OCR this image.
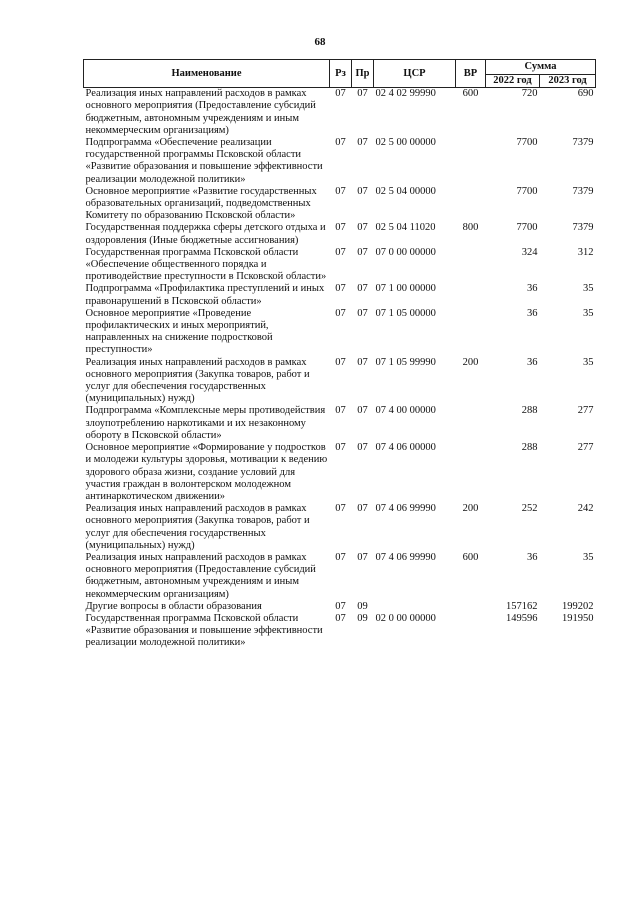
68
Наименование	Рз	Пр	ЦСР	ВР	Сумма	
					2022 год	2023 год
Реализация иных направлений расходов в рамках основного мероприятия (Предоставление субсидий бюджетным, автономным учреждениям и иным некоммерческим организациям)	07	07	02 4 02 99990	600	720	690
Подпрограмма «Обеспечение реализации государственной программы Псковской области «Развитие образования и повышение эффективности реализации молодежной политики»	07	07	02 5 00 00000		7700	7379
Основное мероприятие «Развитие государственных образовательных организаций, подведомственных Комитету по образованию Псковской области»	07	07	02 5 04 00000		7700	7379
Государственная поддержка сферы детского отдыха и оздоровления (Иные бюджетные ассигнования)	07	07	02 5 04 11020	800	7700	7379
Государственная программа Псковской области «Обеспечение общественного порядка и противодействие преступности в Псковской области»	07	07	07 0 00 00000		324	312
Подпрограмма «Профилактика преступлений и иных правонарушений в Псковской области»	07	07	07 1 00 00000		36	35
Основное мероприятие «Проведение профилактических и иных мероприятий, направленных на снижение подростковой преступности»	07	07	07 1 05 00000		36	35
Реализация иных направлений расходов в рамках основного мероприятия (Закупка товаров, работ и услуг для обеспечения государственных (муниципальных) нужд)	07	07	07 1 05 99990	200	36	35
Подпрограмма «Комплексные меры противодействия злоупотреблению наркотиками и их незаконному обороту в Псковской области»	07	07	07 4 00 00000		288	277
Основное мероприятие «Формирование у подростков и молодежи культуры здоровья, мотивации к ведению здорового образа жизни, создание условий для участия граждан в волонтерском молодежном антинаркотическом движении»	07	07	07 4 06 00000		288	277
Реализация иных направлений расходов в рамках основного мероприятия (Закупка товаров, работ и услуг для обеспечения государственных (муниципальных) нужд)	07	07	07 4 06 99990	200	252	242
Реализация иных направлений расходов в рамках основного мероприятия (Предоставление субсидий бюджетным, автономным учреждениям и иным некоммерческим организациям)	07	07	07 4 06 99990	600	36	35
Другие вопросы в области образования	07	09			157162	199202
Государственная программа Псковской области «Развитие образования и повышение эффективности реализации молодежной политики»	07	09	02 0 00 00000		149596	191950
